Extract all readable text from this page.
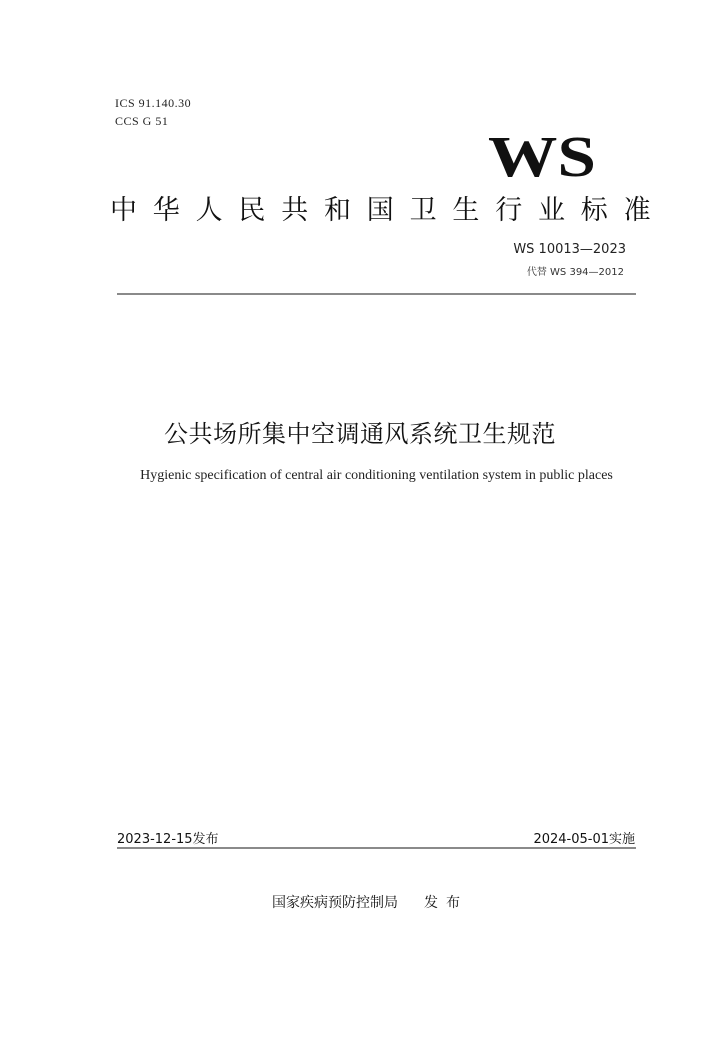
ICS 91.140.30
CCS G 51
WS
中华人民共和国卫生行业标准
WS 10013—2023
代替 WS 394—2012
公共场所集中空调通风系统卫生规范
Hygienic specification of central air conditioning ventilation system in public places
2023-12-15发布	2024-05-01实施
国家疾病预防控制局 发布
